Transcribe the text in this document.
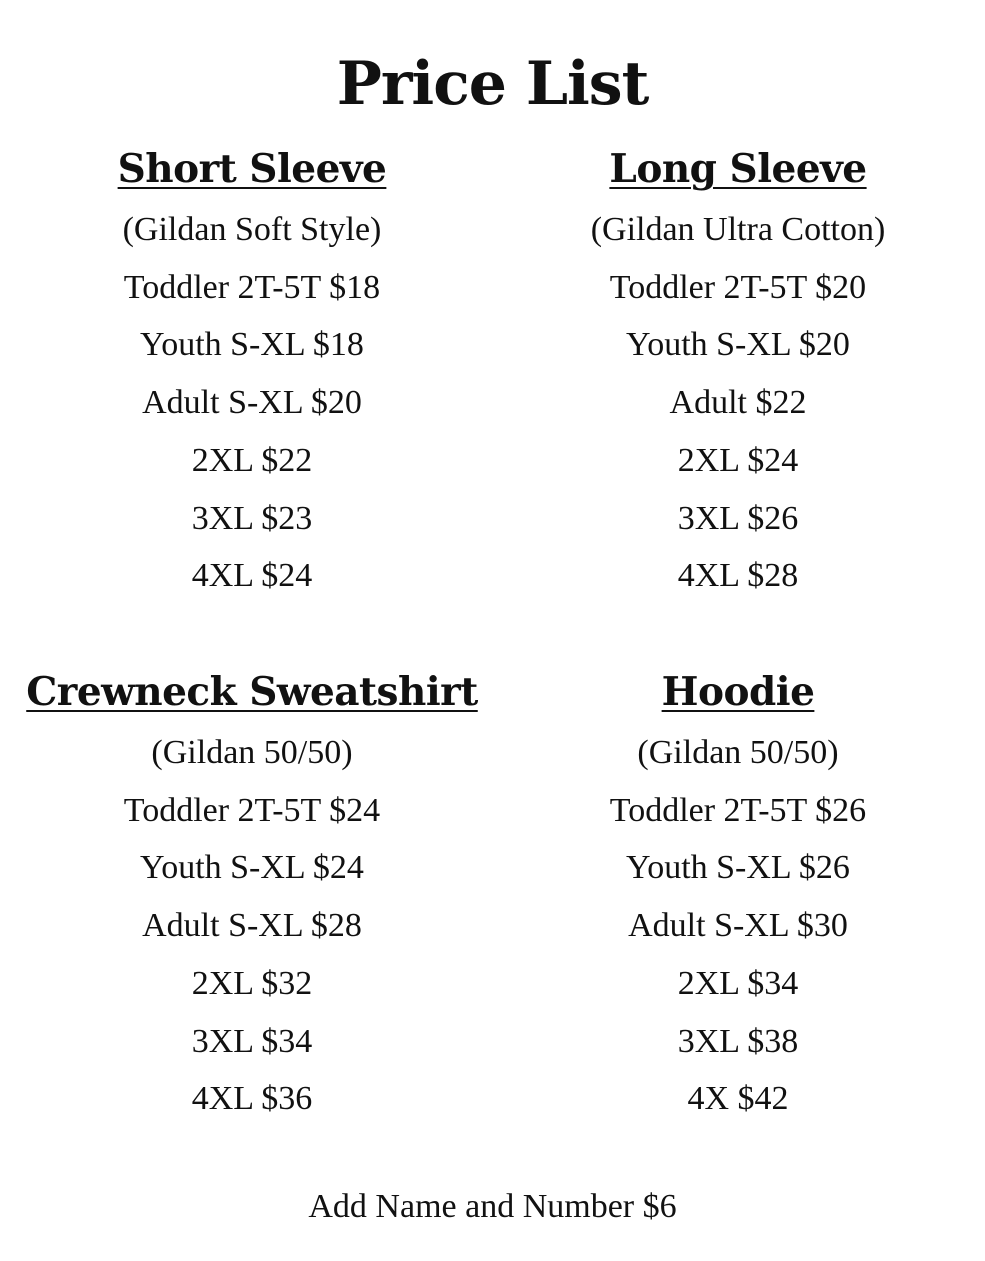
Price List
Short Sleeve
(Gildan Soft Style)
Toddler 2T-5T $18
Youth S-XL $18
Adult S-XL $20
2XL $22
3XL $23
4XL $24
Long Sleeve
(Gildan Ultra Cotton)
Toddler 2T-5T $20
Youth S-XL $20
Adult $22
2XL $24
3XL $26
4XL $28
Crewneck Sweatshirt
(Gildan 50/50)
Toddler 2T-5T $24
Youth S-XL $24
Adult S-XL $28
2XL $32
3XL $34
4XL $36
Hoodie
(Gildan 50/50)
Toddler 2T-5T $26
Youth S-XL $26
Adult S-XL $30
2XL $34
3XL $38
4X $42
Add Name and Number $6
